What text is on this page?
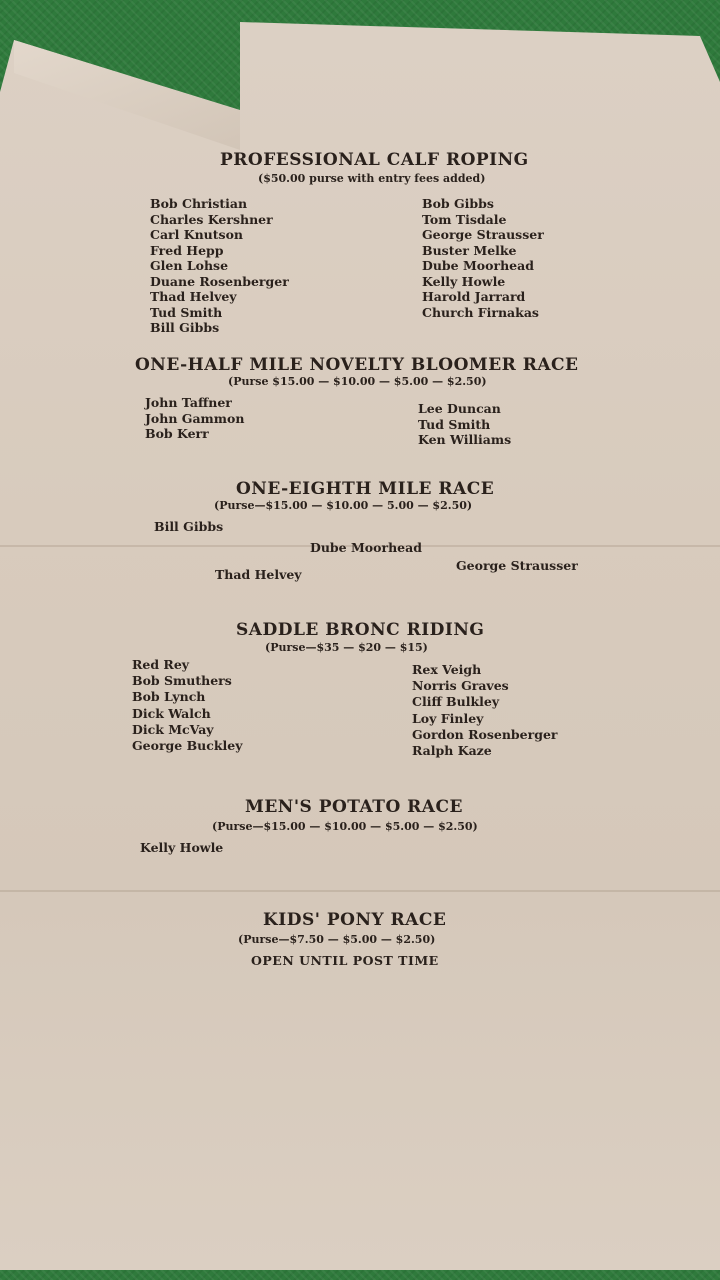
PROFESSIONAL CALF ROPING
($50.00 purse with entry fees added)
Bob Christian
Charles Kershner
Carl Knutson
Fred Hepp
Glen Lohse
Duane Rosenberger
Thad Helvey
Tud Smith
Bill Gibbs
Bob Gibbs
Tom Tisdale
George Strausser
Buster Melke
Dube Moorhead
Kelly Howle
Harold Jarrard
Church Firnakas
ONE-HALF MILE NOVELTY BLOOMER RACE
(Purse $15.00 — $10.00 — $5.00 — $2.50)
John Taffner
John Gammon
Bob Kerr
Lee Duncan
Tud Smith
Ken Williams
ONE-EIGHTH MILE RACE
(Purse—$15.00 — $10.00 — 5.00 — $2.50)
Bill Gibbs
Dube Moorhead
George Strausser
Thad Helvey
SADDLE BRONC RIDING
(Purse—$35 — $20 — $15)
Red Rey
Bob Smuthers
Bob Lynch
Dick Walch
Dick McVay
George Buckley
Rex Veigh
Norris Graves
Cliff Bulkley
Loy Finley
Gordon Rosenberger
Ralph Kaze
MEN'S POTATO RACE
(Purse—$15.00 — $10.00 — $5.00 — $2.50)
Kelly Howle
KIDS' PONY RACE
(Purse—$7.50 — $5.00 — $2.50)
OPEN UNTIL POST TIME
